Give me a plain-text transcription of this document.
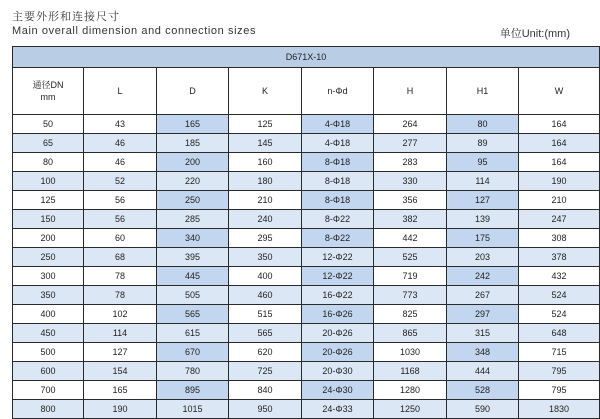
主要外形和连接尺寸
Main overall dimension and connection sizes	单位Unit:(mm)
D671X-10							
通径DN
mm	L	D	K	n-Φd	H	H1	W
50	43	165	125	4-Φ18	264	80	164
65	46	185	145	4-Φ18	277	89	164
80	46	200	160	8-Φ18	283	95	164
100	52	220	180	8-Φ18	330	114	190
125	56	250	210	8-Φ18	356	127	210
150	56	285	240	8-Φ22	382	139	247
200	60	340	295	8-Φ22	442	175	308
250	68	395	350	12-Φ22	525	203	378
300	78	445	400	12-Φ22	719	242	432
350	78	505	460	16-Φ22	773	267	524
400	102	565	515	16-Φ26	825	297	524
450	114	615	565	20-Φ26	865	315	648
500	127	670	620	20-Φ26	1030	348	715
600	154	780	725	20-Φ30	1168	444	795
700	165	895	840	24-Φ30	1280	528	795
800	190	1015	950	24-Φ33	1250	590	1830
